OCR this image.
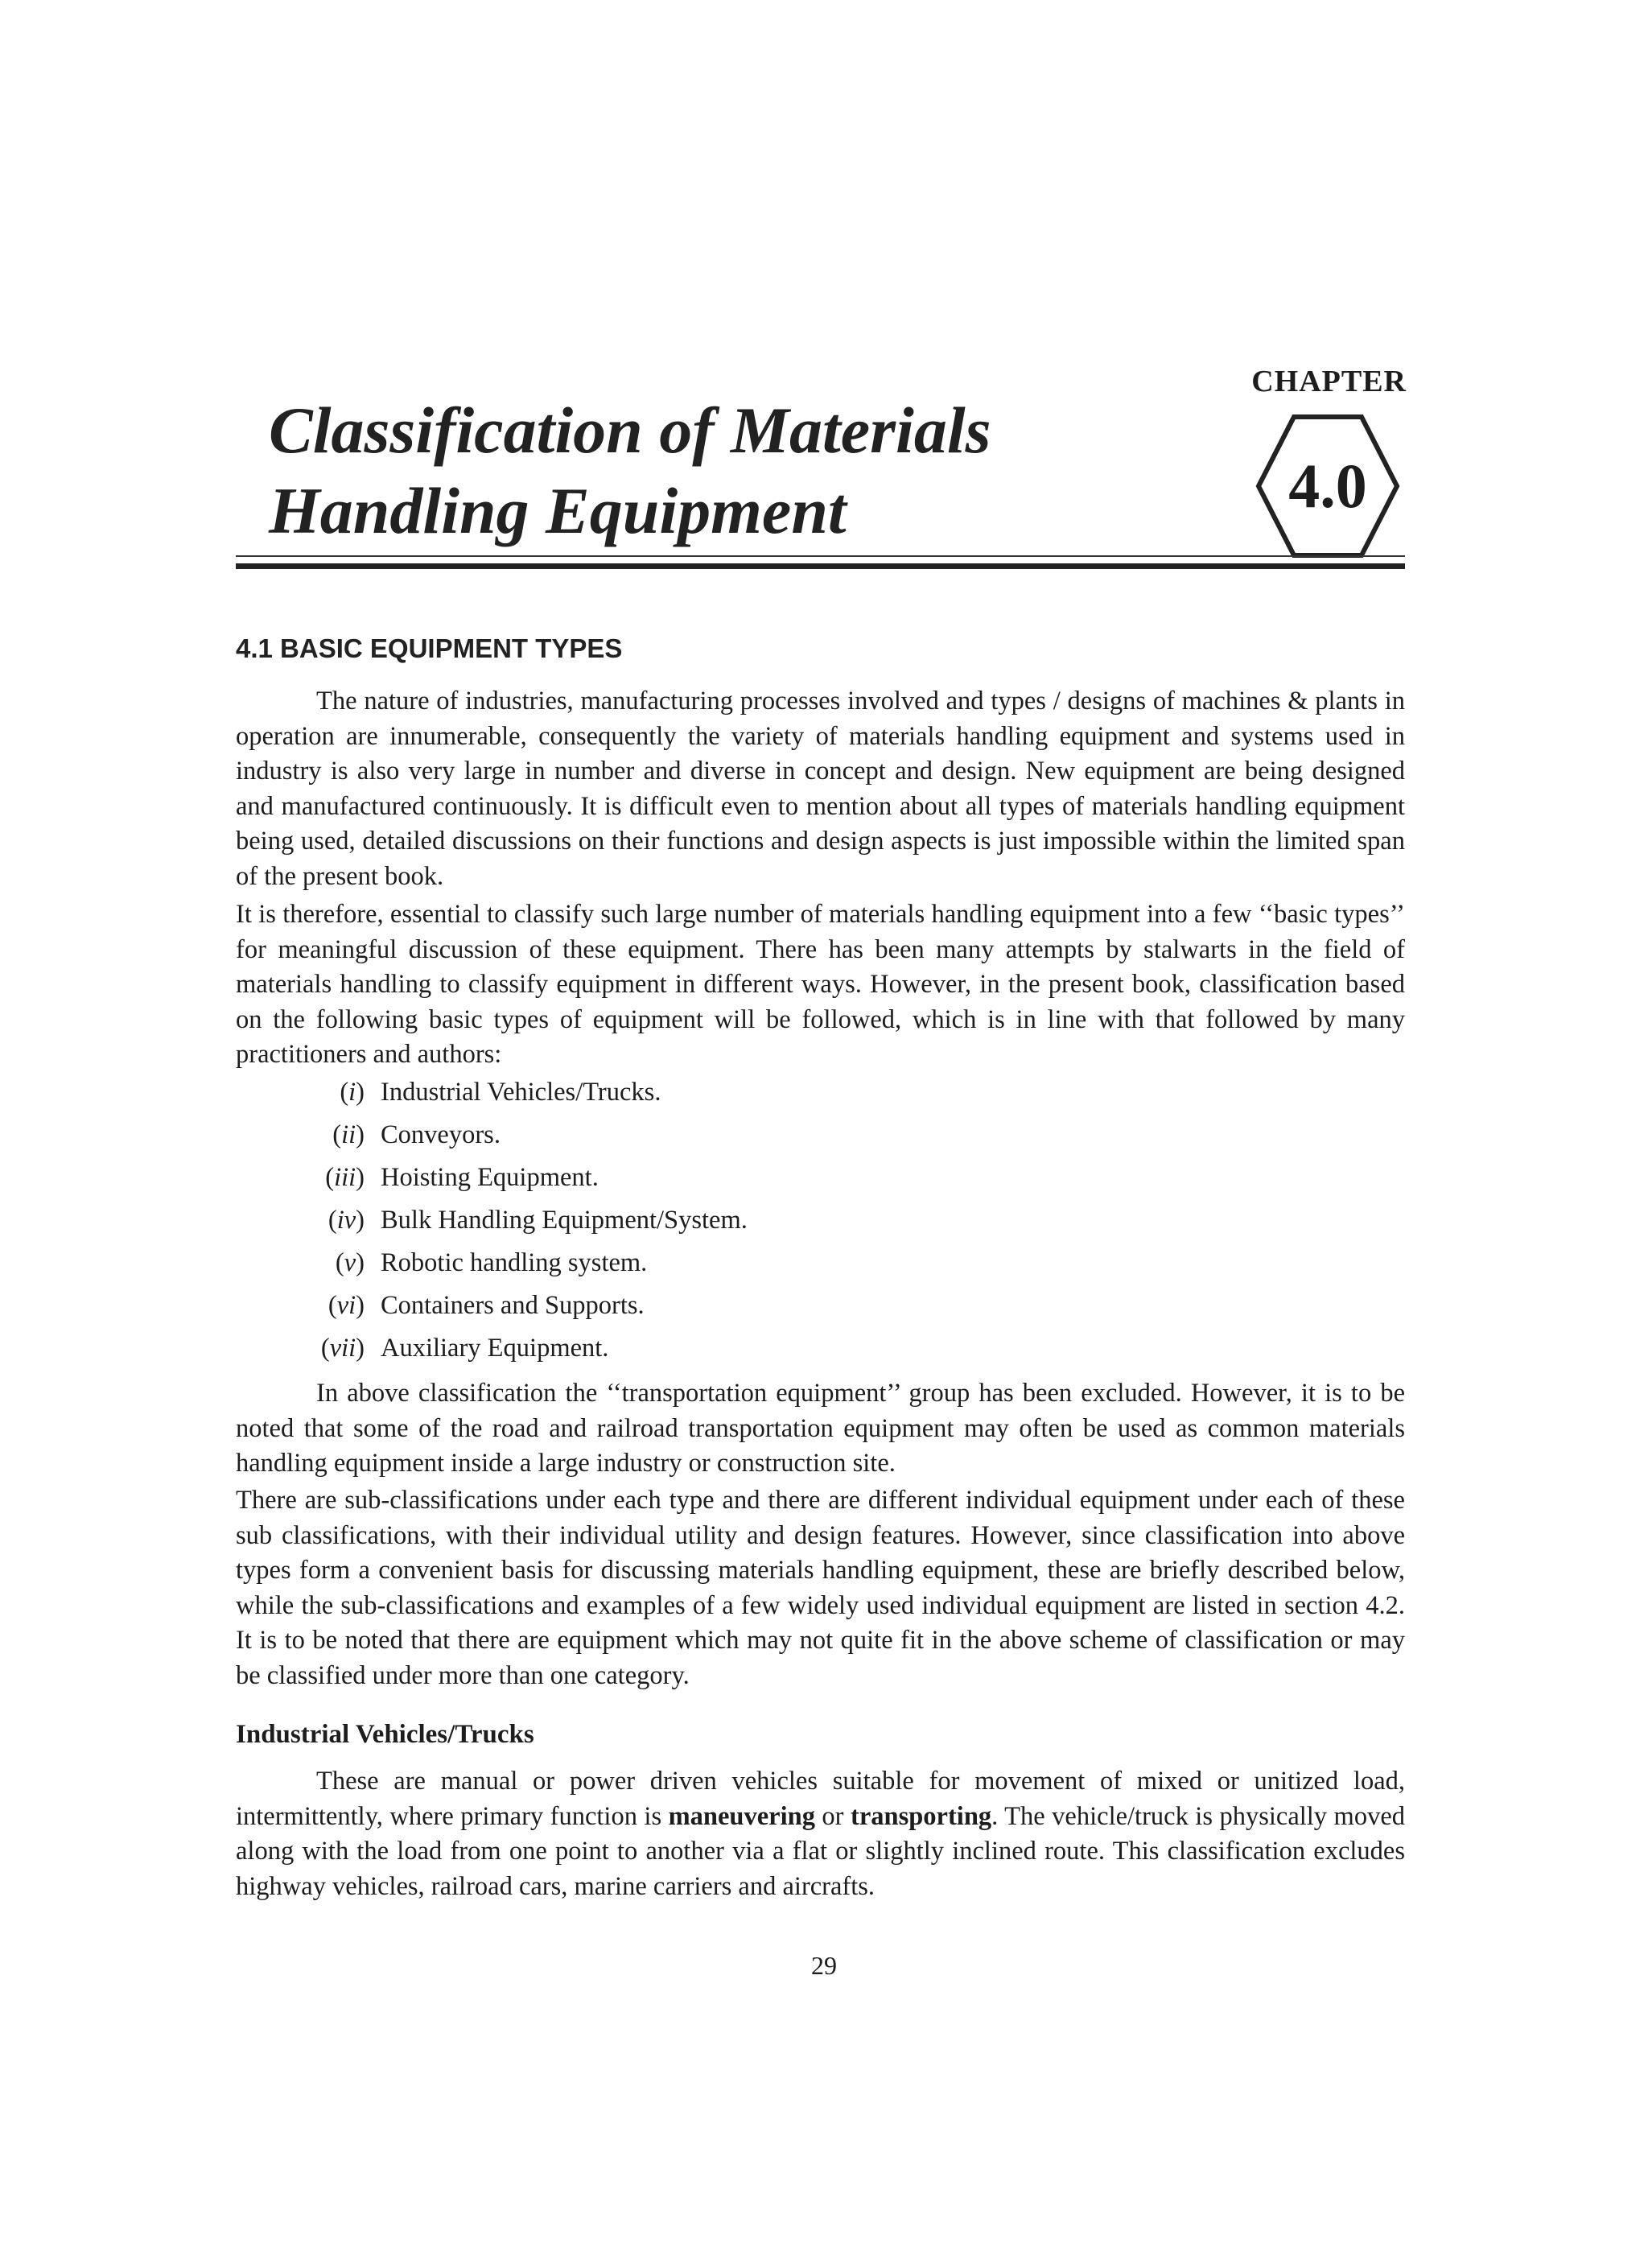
CHAPTER
Classification of Materials
Handling Equipment	4.0
4.1 BASIC EQUIPMENT TYPES
The nature of industries, manufacturing processes involved and types / designs of machines & plants in operation are innumerable, consequently the variety of materials handling equipment and systems used in industry is also very large in number and diverse in concept and design. New equipment are being designed and manufactured continuously. It is difficult even to mention about all types of materials handling equipment being used, detailed discussions on their functions and design aspects is just impossible within the limited span of the present book.
It is therefore, essential to classify such large number of materials handling equipment into a few ‘‘basic types’’ for meaningful discussion of these equipment. There has been many attempts by stalwarts in the field of materials handling to classify equipment in different ways. However, in the present book, classification based on the following basic types of equipment will be followed, which is in line with that followed by many practitioners and authors:
(i) Industrial Vehicles/Trucks.
(ii) Conveyors.
(iii) Hoisting Equipment.
(iv) Bulk Handling Equipment/System.
(v) Robotic handling system.
(vi) Containers and Supports.
(vii) Auxiliary Equipment.
In above classification the ‘‘transportation equipment’’ group has been excluded. However, it is to be noted that some of the road and railroad transportation equipment may often be used as common materials handling equipment inside a large industry or construction site.
There are sub-classifications under each type and there are different individual equipment under each of these sub classifications, with their individual utility and design features. However, since classification into above types form a convenient basis for discussing materials handling equipment, these are briefly described below, while the sub-classifications and examples of a few widely used individual equipment are listed in section 4.2. It is to be noted that there are equipment which may not quite fit in the above scheme of classification or may be classified under more than one category.
Industrial Vehicles/Trucks
These are manual or power driven vehicles suitable for movement of mixed or unitized load, intermittently, where primary function is maneuvering or transporting. The vehicle/truck is physically moved along with the load from one point to another via a flat or slightly inclined route. This classification excludes highway vehicles, railroad cars, marine carriers and aircrafts.
29
